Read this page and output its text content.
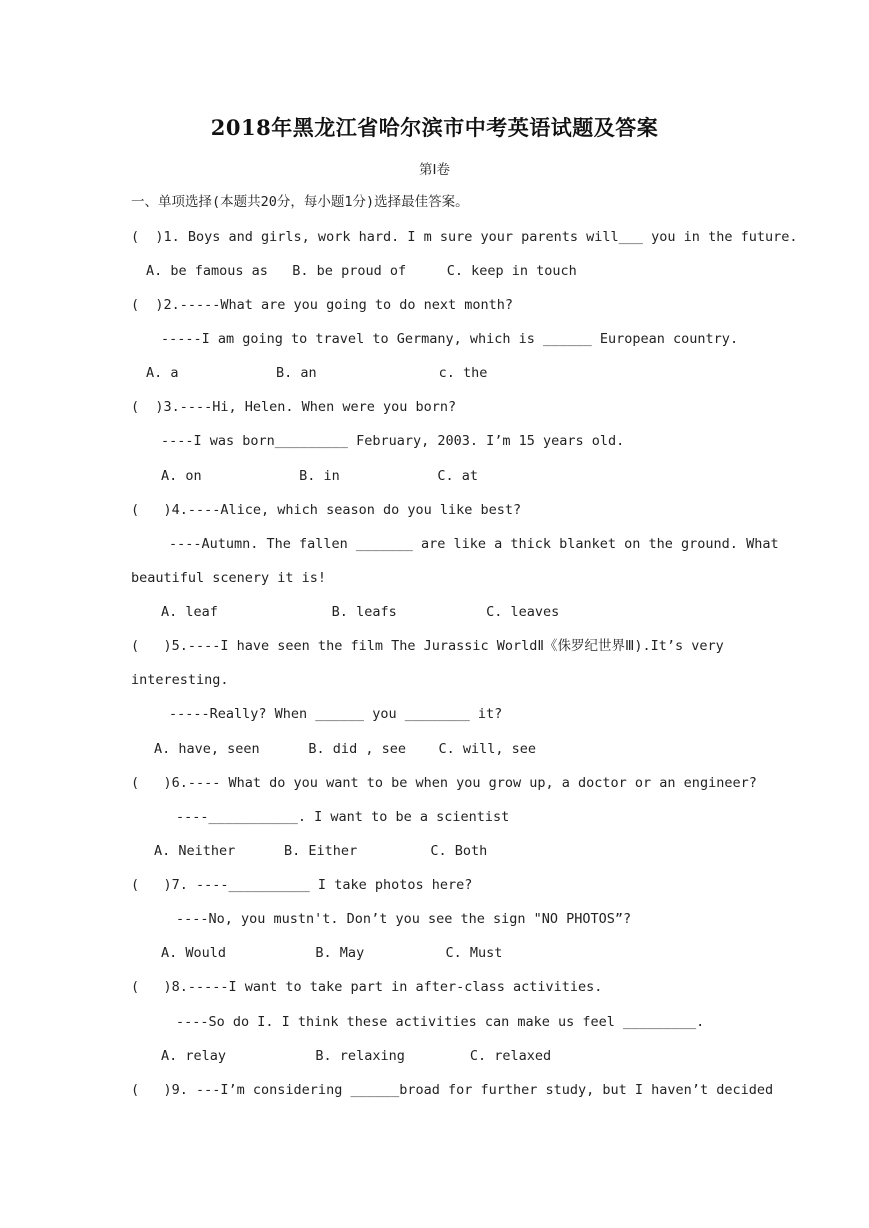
2018年黑龙江省哈尔滨市中考英语试题及答案
第Ⅰ卷
一、单项选择(本题共20分，每小题1分)选择最佳答案。
(  )1. Boys and girls, work hard. I m sure your parents will___ you in the future.
A. be famous as   B. be proud of     C. keep in touch
(  )2.-----What are you going to do next month?
-----I am going to travel to Germany, which is ______ European country.
A. a            B. an               c. the
(  )3.----Hi, Helen. When were you born?
----I was born_________ February, 2003. I’m 15 years old.
A. on            B. in            C. at
(   )4.----Alice, which season do you like best?
----Autumn. The fallen _______ are like a thick blanket on the ground. What
beautiful scenery it is!
A. leaf              B. leafs           C. leaves
(   )5.----I have seen the film The Jurassic WorldⅡ《侏罗纪世界Ⅲ).It’s very
interesting.
-----Really? When ______ you ________ it?
A. have, seen      B. did , see    C. will, see
(   )6.---- What do you want to be when you grow up, a doctor or an engineer?
----___________. I want to be a scientist
A. Neither      B. Either         C. Both
(   )7. ----__________ I take photos here?
----No, you mustn't. Don’t you see the sign "NO PHOTOS”?
A. Would           B. May          C. Must
(   )8.-----I want to take part in after-class activities.
----So do I. I think these activities can make us feel _________.
A. relay           B. relaxing        C. relaxed
(   )9. ---I’m considering ______broad for further study, but I haven’t decided
